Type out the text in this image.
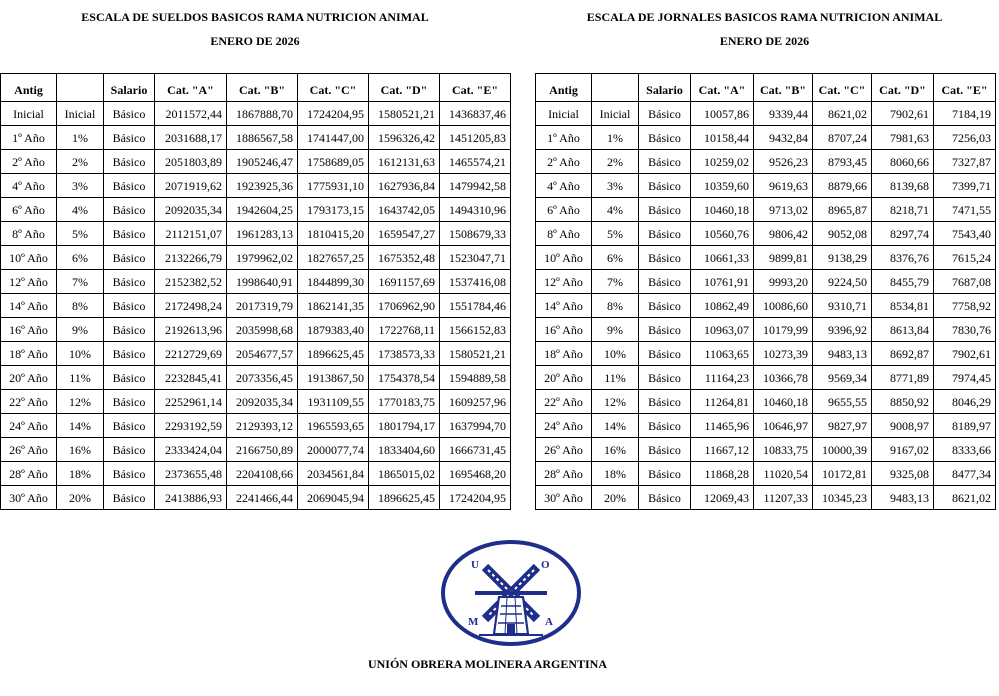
ESCALA DE SUELDOS BASICOS RAMA NUTRICION ANIMAL
ENERO DE 2026
ESCALA DE JORNALES BASICOS RAMA NUTRICION ANIMAL
ENERO DE 2026
Antig		Salario	Cat. "A"	Cat. "B"	Cat. "C"	Cat. "D"	Cat. "E"
Inicial	Inicial	Básico	2011572,44	1867888,70	1724204,95	1580521,21	1436837,46
1º Año	1%	Básico	2031688,17	1886567,58	1741447,00	1596326,42	1451205,83
2º Año	2%	Básico	2051803,89	1905246,47	1758689,05	1612131,63	1465574,21
4º Año	3%	Básico	2071919,62	1923925,36	1775931,10	1627936,84	1479942,58
6º Año	4%	Básico	2092035,34	1942604,25	1793173,15	1643742,05	1494310,96
8º Año	5%	Básico	2112151,07	1961283,13	1810415,20	1659547,27	1508679,33
10º Año	6%	Básico	2132266,79	1979962,02	1827657,25	1675352,48	1523047,71
12º Año	7%	Básico	2152382,52	1998640,91	1844899,30	1691157,69	1537416,08
14º Año	8%	Básico	2172498,24	2017319,79	1862141,35	1706962,90	1551784,46
16º Año	9%	Básico	2192613,96	2035998,68	1879383,40	1722768,11	1566152,83
18º Año	10%	Básico	2212729,69	2054677,57	1896625,45	1738573,33	1580521,21
20º Año	11%	Básico	2232845,41	2073356,45	1913867,50	1754378,54	1594889,58
22º Año	12%	Básico	2252961,14	2092035,34	1931109,55	1770183,75	1609257,96
24º Año	14%	Básico	2293192,59	2129393,12	1965593,65	1801794,17	1637994,70
26º Año	16%	Básico	2333424,04	2166750,89	2000077,74	1833404,60	1666731,45
28º Año	18%	Básico	2373655,48	2204108,66	2034561,84	1865015,02	1695468,20
30º Año	20%	Básico	2413886,93	2241466,44	2069045,94	1896625,45	1724204,95
Antig		Salario	Cat. "A"	Cat. "B"	Cat. "C"	Cat. "D"	Cat. "E"
Inicial	Inicial	Básico	10057,86	9339,44	8621,02	7902,61	7184,19
1º Año	1%	Básico	10158,44	9432,84	8707,24	7981,63	7256,03
2º Año	2%	Básico	10259,02	9526,23	8793,45	8060,66	7327,87
4º Año	3%	Básico	10359,60	9619,63	8879,66	8139,68	7399,71
6º Año	4%	Básico	10460,18	9713,02	8965,87	8218,71	7471,55
8º Año	5%	Básico	10560,76	9806,42	9052,08	8297,74	7543,40
10º Año	6%	Básico	10661,33	9899,81	9138,29	8376,76	7615,24
12º Año	7%	Básico	10761,91	9993,20	9224,50	8455,79	7687,08
14º Año	8%	Básico	10862,49	10086,60	9310,71	8534,81	7758,92
16º Año	9%	Básico	10963,07	10179,99	9396,92	8613,84	7830,76
18º Año	10%	Básico	11063,65	10273,39	9483,13	8692,87	7902,61
20º Año	11%	Básico	11164,23	10366,78	9569,34	8771,89	7974,45
22º Año	12%	Básico	11264,81	10460,18	9655,55	8850,92	8046,29
24º Año	14%	Básico	11465,96	10646,97	9827,97	9008,97	8189,97
26º Año	16%	Básico	11667,12	10833,75	10000,39	9167,02	8333,66
28º Año	18%	Básico	11868,28	11020,54	10172,81	9325,08	8477,34
30º Año	20%	Básico	12069,43	11207,33	10345,23	9483,13	8621,02
U	O
M	A
UNIÓN OBRERA MOLINERA ARGENTINA
